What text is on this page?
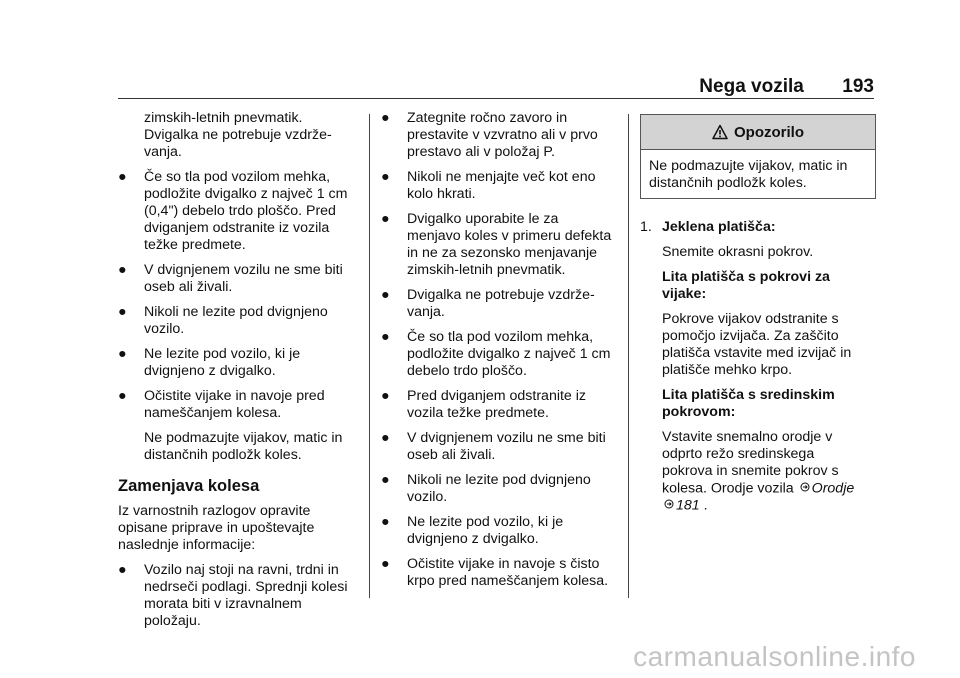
Nega vozila 193

zimskih-letnih pnevmatik.
Dvigalka ne potrebuje vzdrže-
vanja.

● Če so tla pod vozilom mehka,
podložite dvigalko z največ 1 cm
(0,4") debelo trdo ploščo. Pred
dviganjem odstranite iz vozila
težke predmete.
● V dvignjenem vozilu ne sme biti
oseb ali živali.
● Nikoli ne lezite pod dvignjeno
vozilo.
● Ne lezite pod vozilo, ki je
dvignjeno z dvigalko.
● Očistite vijake in navoje pred
nameščanjem kolesa.

Ne podmazujte vijakov, matic in
distančnih podložk koles.

Zamenjava kolesa

Iz varnostnih razlogov opravite
opisane priprave in upoštevajte
naslednje informacije:

● Vozilo naj stoji na ravni, trdni in
nedrseči podlagi. Sprednji kolesi
morata biti v izravnalnem
položaju.
● Zategnite ročno zavoro in
prestavite v vzvratno ali v prvo
prestavo ali v položaj P.
● Nikoli ne menjajte več kot eno
kolo hkrati.
● Dvigalko uporabite le za
menjavo koles v primeru defekta
in ne za sezonsko menjavanje
zimskih-letnih pnevmatik.
● Dvigalka ne potrebuje vzdrže-
vanja.
● Če so tla pod vozilom mehka,
podložite dvigalko z največ 1 cm
debelo trdo ploščo.
● Pred dviganjem odstranite iz
vozila težke predmete.
● V dvignjenem vozilu ne sme biti
oseb ali živali.
● Nikoli ne lezite pod dvignjeno
vozilo.
● Ne lezite pod vozilo, ki je
dvignjeno z dvigalko.
● Očistite vijake in navoje s čisto
krpo pred nameščanjem kolesa.
Opozorilo
Ne podmazujte vijakov, matic in
distančnih podložk koles.
1. Jeklena platišča:

Snemite okrasni pokrov.

Lita platišča s pokrovi za
vijake:

Pokrove vijakov odstranite s
pomočjo izvijača. Za zaščito
platišča vstavite med izvijač in
platišče mehko krpo.

Lita platišča s sredinskim
pokrovom:

Vstavite snemalno orodje v
odprto režo sredinskega
pokrova in snemite pokrov s
kolesa. Orodje vozila Orodje
181 .

carmanualsonline.info
